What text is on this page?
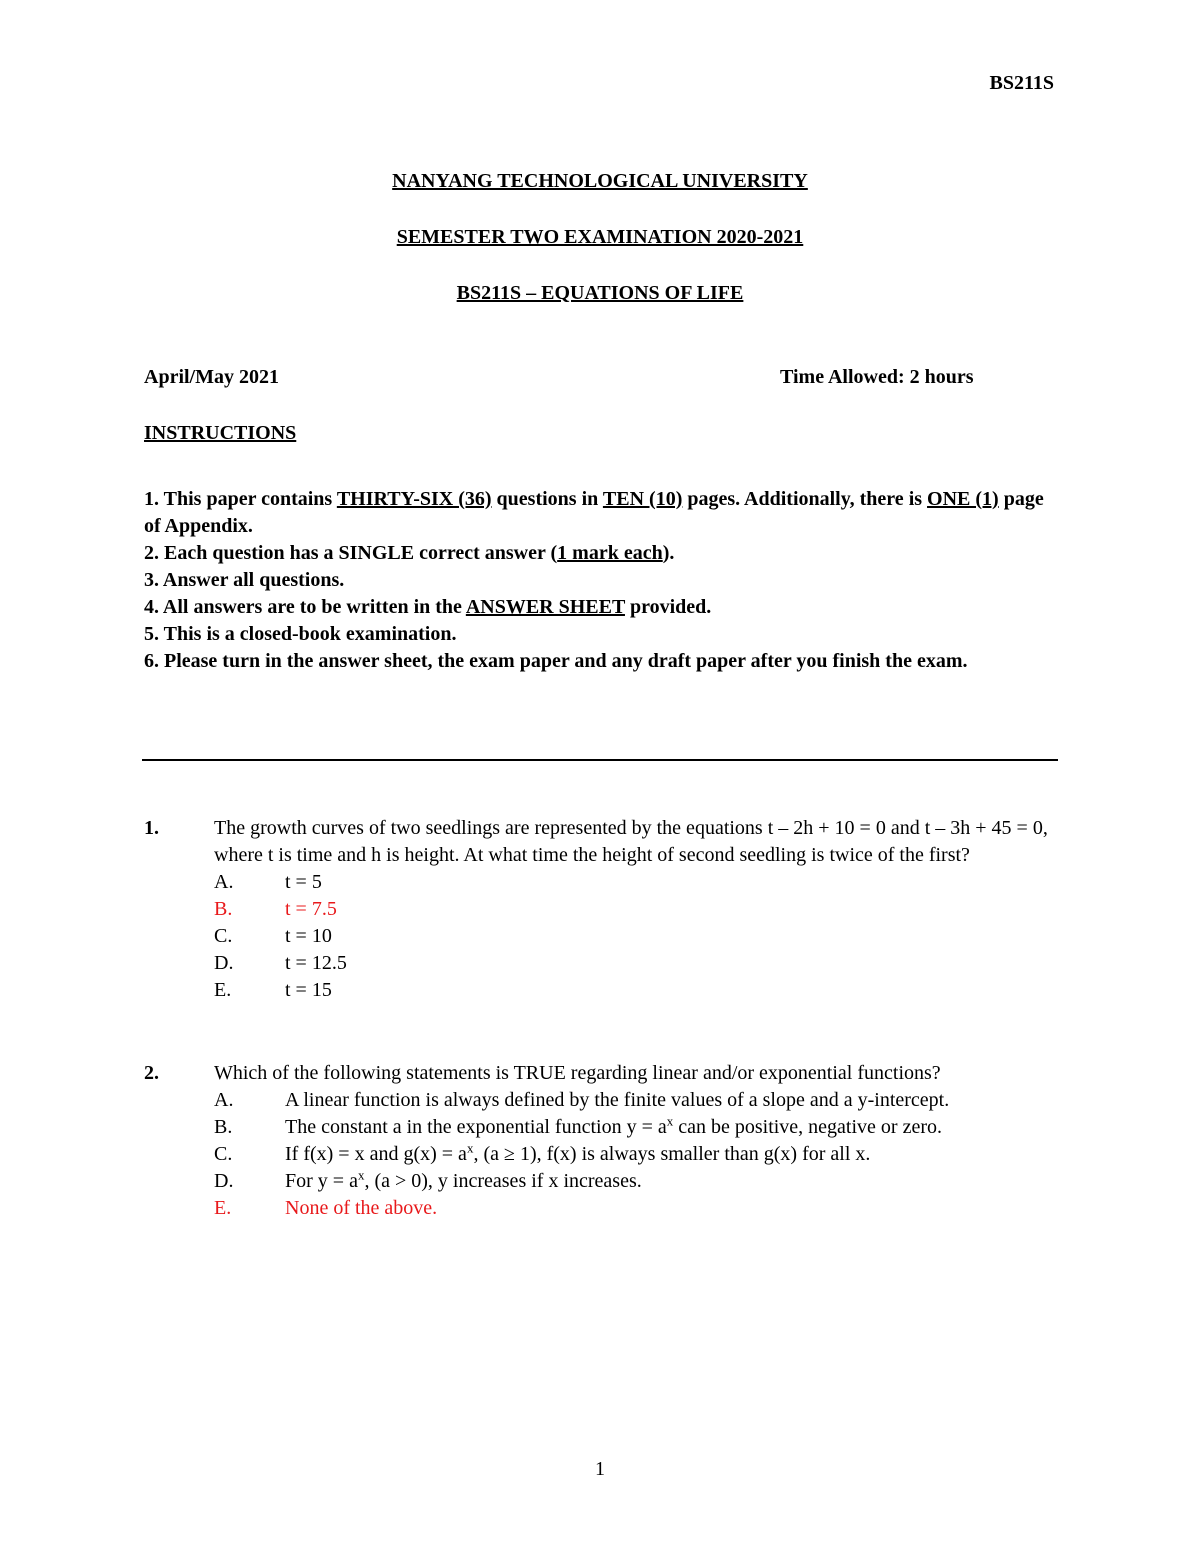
BS211S
NANYANG TECHNOLOGICAL UNIVERSITY
SEMESTER TWO EXAMINATION 2020-2021
BS211S – EQUATIONS OF LIFE
April/May 2021	Time Allowed: 2 hours
INSTRUCTIONS

1. This paper contains THIRTY-SIX (36) questions in TEN (10) pages. Additionally, there is ONE (1) page of Appendix.

2. Each question has a SINGLE correct answer (1 mark each).

3. Answer all questions.

4. All answers are to be written in the ANSWER SHEET provided.

5. This is a closed-book examination.

6. Please turn in the answer sheet, the exam paper and any draft paper after you finish the exam.

1.	The growth curves of two seedlings are represented by the equations t – 2h + 10 = 0 and t – 3h + 45 = 0, where t is time and h is height. At what time the height of second seedling is twice of the first?
A.	t = 5
B.	t = 7.5
C.	t = 10
D.	t = 12.5
E.	t = 15
2.	Which of the following statements is TRUE regarding linear and/or exponential functions?
A.	A linear function is always defined by the finite values of a slope and a y-intercept.
B.	The constant a in the exponential function $y = a^x$ can be positive, negative or zero.
C.	If f(x) = x and $g(x) = a^x$, (a ≥ 1), f(x) is always smaller than g(x) for all x.
D.	For $y = a^x$, (a > 0), y increases if x increases.
E.	None of the above.
1
